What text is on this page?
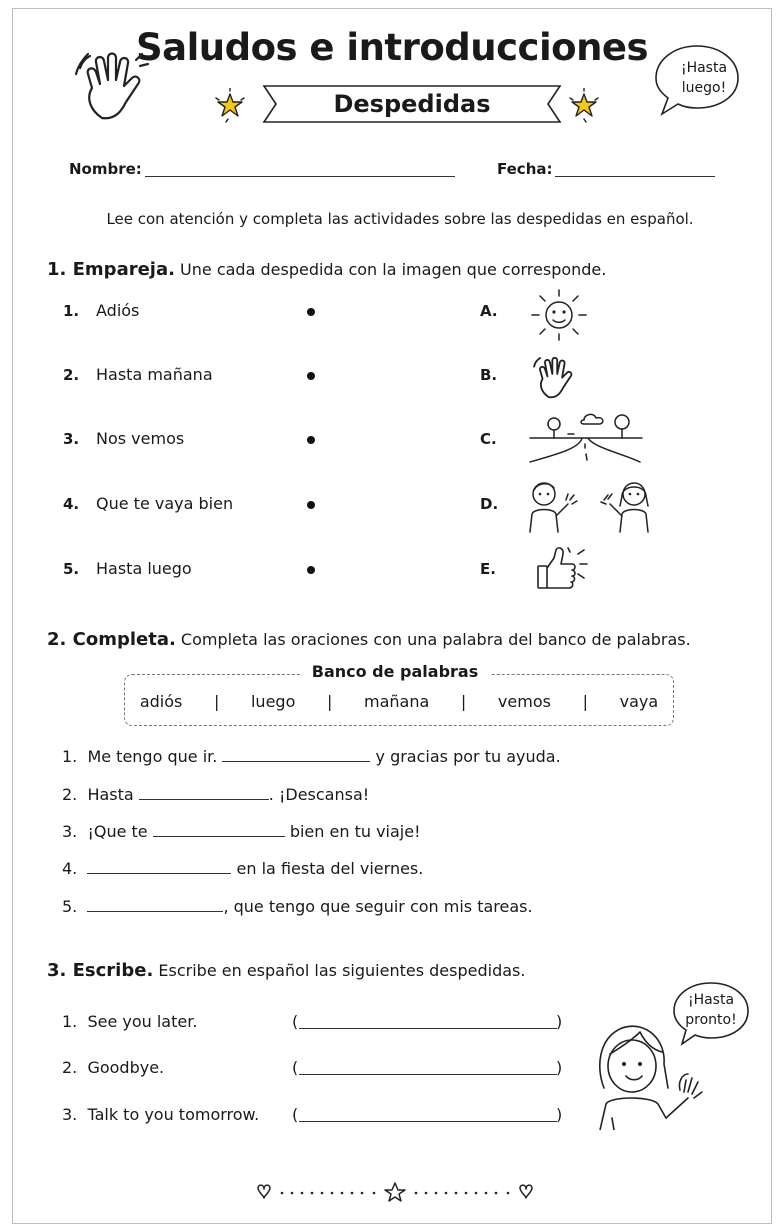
Saludos e introducciones
Despedidas
¡Hasta
luego!
Nombre:	Fecha:
Lee con atención y completa las actividades sobre las despedidas en español.
1. Empareja. Une cada despedida con la imagen que corresponde.
1. Adiós	A.
2. Hasta mañana	B.
3. Nos vemos	C.
4. Que te vaya bien	D.
5. Hasta luego	E.
2. Completa. Completa las oraciones con una palabra del banco de palabras.
Banco de palabras
adiós | luego | mañana | vemos | vaya
1. Me tengo que ir.	y gracias por tu ayuda.
2. Hasta	. ¡Descansa!
3. ¡Que te	bien en tu viaje!
4.	en la fiesta del viernes.
5.	, que tengo que seguir con mis tareas.
3. Escribe. Escribe en español las siguientes despedidas.
1. See you later.	(	)
2. Goodbye.	(	)
3. Talk to you tomorrow. (	)
¡Hasta
pronto!
